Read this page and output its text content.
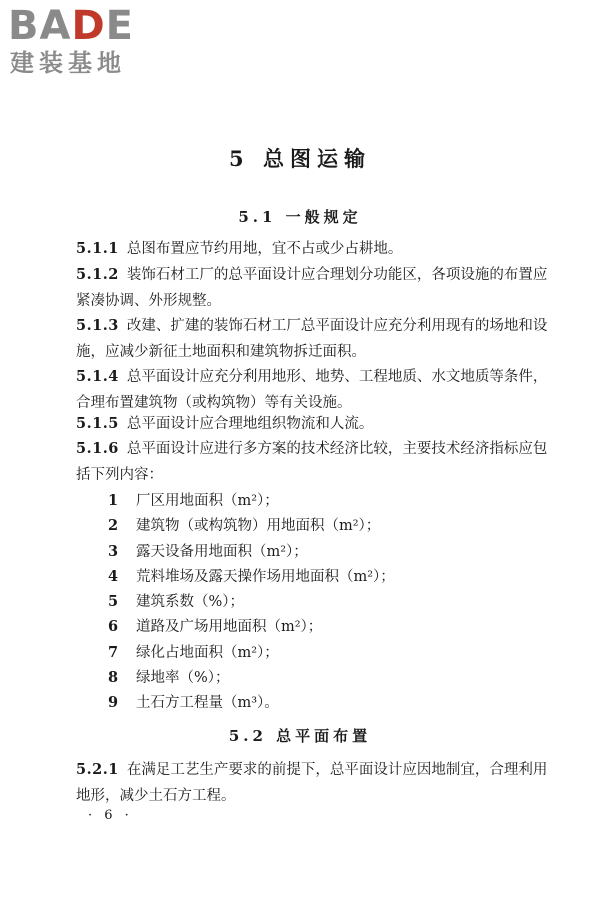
BADE
建装基地
5 总图运输
5.1 一般规定

5.1.1 总图布置应节约用地，宜不占或少占耕地。

5.1.2 装饰石材工厂的总平面设计应合理划分功能区，各项设施的布置应紧凑协调、外形规整。

5.1.3 改建、扩建的装饰石材工厂总平面设计应充分利用现有的场地和设施，应减少新征土地面积和建筑物拆迁面积。

5.1.4 总平面设计应充分利用地形、地势、工程地质、水文地质等条件，合理布置建筑物（或构筑物）等有关设施。

5.1.5 总平面设计应合理地组织物流和人流。

5.1.6 总平面设计应进行多方案的技术经济比较，主要技术经济指标应包括下列内容：

1 厂区用地面积（m²）；
2 建筑物（或构筑物）用地面积（m²）；
3 露天设备用地面积（m²）；
4 荒料堆场及露天操作场用地面积（m²）；
5 建筑系数（%）；
6 道路及广场用地面积（m²）；
7 绿化占地面积（m²）；
8 绿地率（%）；
9 土石方工程量（m³）。
5.2 总平面布置

5.2.1 在满足工艺生产要求的前提下，总平面设计应因地制宜，合理利用地形，减少土石方工程。

· 6 ·
